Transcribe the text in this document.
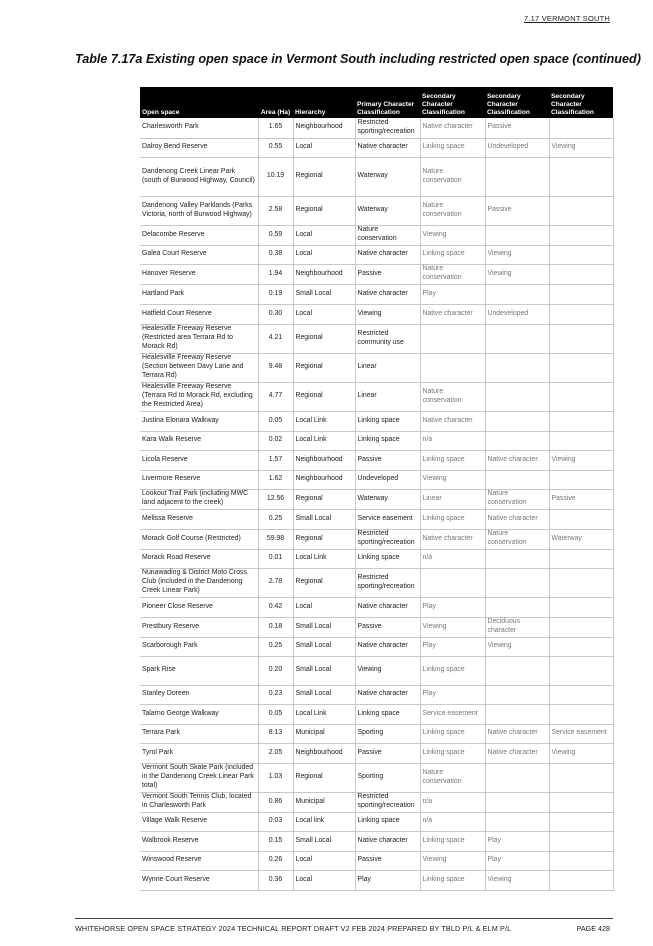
7.17 VERMONT SOUTH
Table 7.17a Existing open space in Vermont South including restricted open space (continued)
Open space	Area (Ha)	Hierarchy	Primary Character Classification	Secondary Character Classification	Secondary Character Classification	Secondary Character Classification
Charlesworth Park	1.65	Neighbourhood	Restricted sporting/recreation	Native character	Passive	
Dalroy Bend Reserve	0.55	Local	Native character	Linking space	Undeveloped	Viewing
Dandenong Creek Linear Park (south of Burwood Highway, Council)	10.19	Regional	Waterway	Nature conservation		
Dandenong Valley Parklands (Parks Victoria, north of Burwood Highway)	2.58	Regional	Waterway	Nature conservation	Passive	
Delacombe Reserve	0.59	Local	Nature conservation	Viewing		
Galea Court Reserve	0.38	Local	Native character	Linking space	Viewing	
Hanover Reserve	1.94	Neighbourhood	Passive	Nature conservation	Viewing	
Hartland Park	0.19	Small Local	Native character	Play		
Hatfield Court Reserve	0.30	Local	Viewing	Native character	Undeveloped	
Healesville Freeway Reserve (Restricted area Terrara Rd to Morack Rd)	4.21	Regional	Restricted community use			
Healesville Freeway Reserve (Section between Davy Lane and Terrara Rd)	9.48	Regional	Linear			
Healesville Freeway Reserve (Terrara Rd to Morack Rd, excluding the Restricted Area)	4.77	Regional	Linear	Nature conservation		
Justina Elonara Walkway	0.05	Local Link	Linking space	Native character		
Kara Walk Reserve	0.02	Local Link	Linking space	n/a		
Licola Reserve	1.57	Neighbourhood	Passive	Linking space	Native character	Viewing
Livermore Reserve	1.62	Neighbourhood	Undeveloped	Viewing		
Lookout Trail Park (including MWC land adjacent to the creek)	12.56	Regional	Waterway	Linear	Nature conservation	Passive
Melissa Reserve	0.25	Small Local	Service easement	Linking space	Native character	
Morack Golf Course (Restricted)	59.98	Regional	Restricted sporting/recreation	Native character	Nature conservation	Waterway
Morack Road Reserve	0.01	Local Link	Linking space	n/a		
Nunawading & District Moto Cross Club (included in the Dandenong Creek Linear Park)	2.78	Regional	Restricted sporting/recreation			
Pioneer Close Reserve	0.42	Local	Native character	Play		
Prestbury Reserve	0.18	Small Local	Passive	Viewing	Deciduous character	
Scarborough Park	0.25	Small Local	Native character	Play	Viewing	
Spark Rise	0.20	Small Local	Viewing	Linking space		
Stanley Doreen	0.23	Small Local	Native character	Play		
Talarno George Walkway	0.05	Local Link	Linking space	Service easement		
Terrara Park	8.13	Municipal	Sporting	Linking space	Native character	Service easement
Tyrol Park	2.05	Neighbourhood	Passive	Linking space	Native character	Viewing
Vermont South Skate Park (included in the Dandenong Creek Linear Park total)	1.03	Regional	Sporting	Nature conservation		
Vermont South Tennis Club, located in Charlesworth Park	0.86	Municipal	Restricted sporting/recreation	n/a		
Village Walk Reserve	0.03	Local link	Linking space	n/a		
Walbrook Reserve	0.15	Small Local	Native character	Linking space	Play	
Winswood Reserve	0.26	Local	Passive	Viewing	Play	
Wynne Court Reserve	0.36	Local	Play	Linking space	Viewing	
WHITEHORSE OPEN SPACE STRATEGY 2024 TECHNICAL REPORT DRAFT V2 FEB 2024 PREPARED BY TBLD P/L & ELM P/L	PAGE 428
